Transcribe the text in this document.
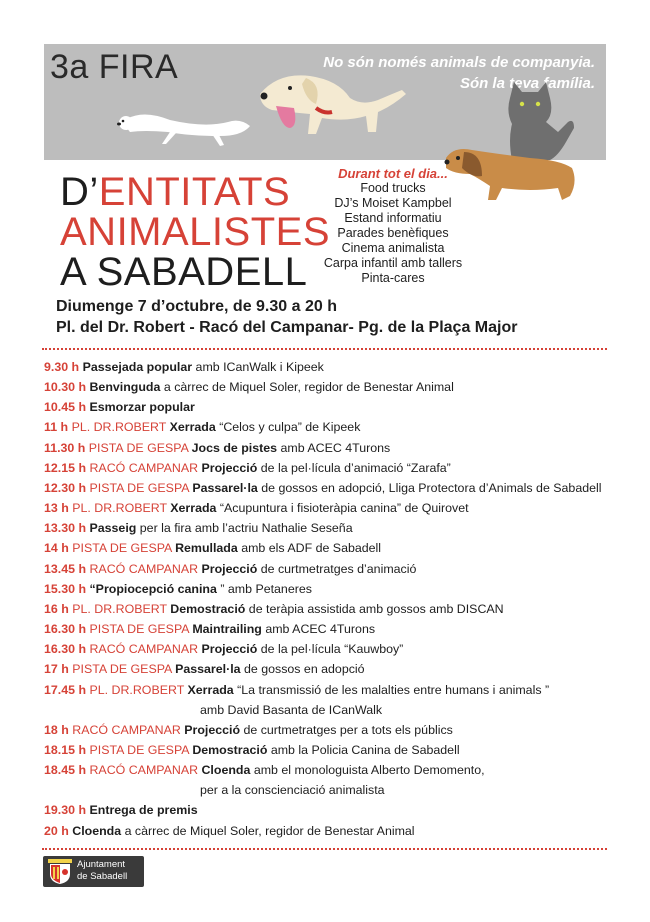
3a FIRA	No són només animals de companyia.
Són la teva família.
D’ENTITATS
ANIMALISTES
A SABADELL
Durant tot el dia...
Food trucks
DJ’s Moiset Kampbel
Estand informatiu
Parades benèfiques
Cinema animalista
Carpa infantil amb tallers
Pinta-cares
Diumenge 7 d’octubre, de 9.30 a 20 h
Pl. del Dr. Robert - Racó del Campanar- Pg. de la Plaça Major
9.30 h Passejada popular amb ICanWalk i Kipeek
10.30 h Benvinguda a càrrec de Miquel Soler, regidor de Benestar Animal
10.45 h Esmorzar popular
11 h PL. DR.ROBERT Xerrada “Celos y culpa” de Kipeek
11.30 h PISTA DE GESPA Jocs de pistes amb ACEC 4Turons
12.15 h RACÓ CAMPANAR Projecció de la pel·lícula d’animació “Zarafa”
12.30 h PISTA DE GESPA Passarel·la de gossos en adopció, Lliga Protectora d’Animals de Sabadell
13 h PL. DR.ROBERT Xerrada “Acupuntura i fisioteràpia canina” de Quirovet
13.30 h Passeig per la fira amb l’actriu Nathalie Seseña
14 h PISTA DE GESPA Remullada amb els ADF de Sabadell
13.45 h RACÓ CAMPANAR Projecció de curtmetratges d’animació
15.30 h “Propiocepció canina ” amb Petaneres
16 h PL. DR.ROBERT Demostració de teràpia assistida amb gossos amb DISCAN
16.30 h PISTA DE GESPA Maintrailing amb ACEC 4Turons
16.30 h RACÓ CAMPANAR Projecció de la pel·lícula “Kauwboy”
17 h PISTA DE GESPA Passarel·la de gossos en adopció
17.45 h PL. DR.ROBERT Xerrada “La transmissió de les malalties entre humans i animals ”
amb David Basanta de ICanWalk
18 h RACÓ CAMPANAR Projecció de curtmetratges per a tots els públics
18.15 h PISTA DE GESPA Demostració amb la Policia Canina de Sabadell
18.45 h RACÓ CAMPANAR Cloenda amb el monologuista Alberto Demomento,
per a la conscienciació animalista
19.30 h Entrega de premis
20 h Cloenda a càrrec de Miquel Soler, regidor de Benestar Animal
Ajuntament
de Sabadell
